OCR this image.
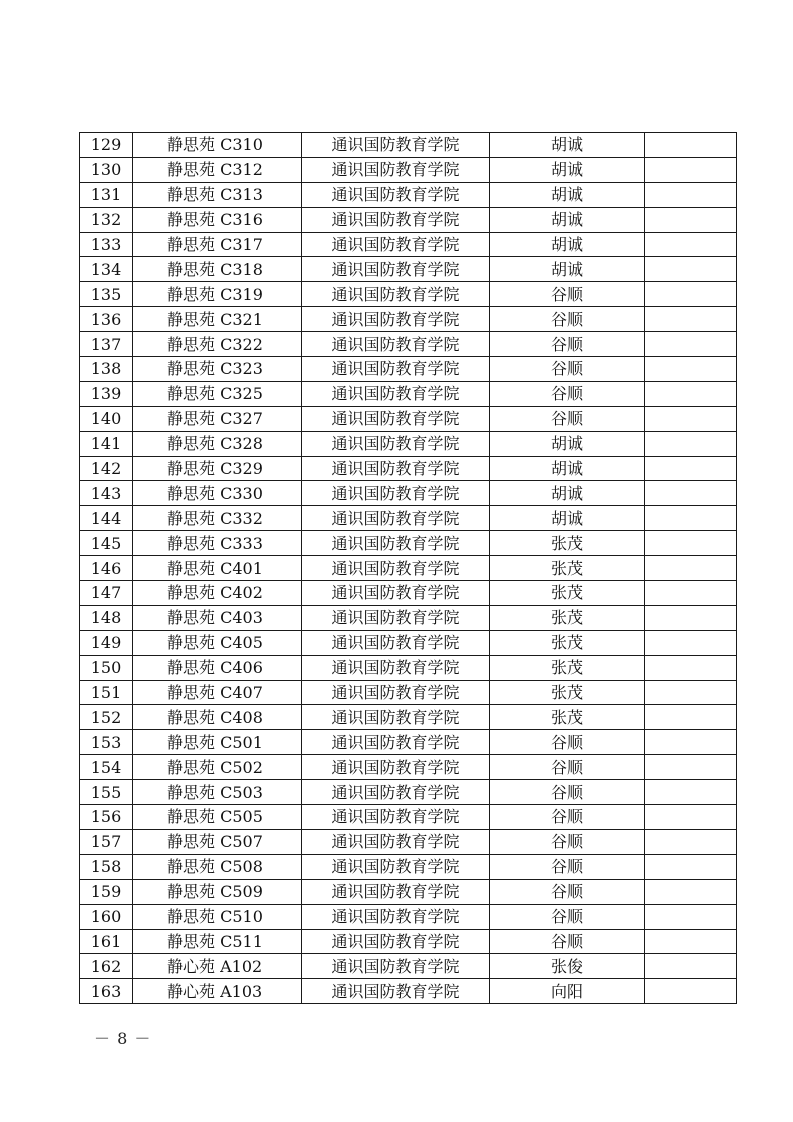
129	静思苑 C310	通识国防教育学院	胡诚	
130	静思苑 C312	通识国防教育学院	胡诚	
131	静思苑 C313	通识国防教育学院	胡诚	
132	静思苑 C316	通识国防教育学院	胡诚	
133	静思苑 C317	通识国防教育学院	胡诚	
134	静思苑 C318	通识国防教育学院	胡诚	
135	静思苑 C319	通识国防教育学院	谷顺	
136	静思苑 C321	通识国防教育学院	谷顺	
137	静思苑 C322	通识国防教育学院	谷顺	
138	静思苑 C323	通识国防教育学院	谷顺	
139	静思苑 C325	通识国防教育学院	谷顺	
140	静思苑 C327	通识国防教育学院	谷顺	
141	静思苑 C328	通识国防教育学院	胡诚	
142	静思苑 C329	通识国防教育学院	胡诚	
143	静思苑 C330	通识国防教育学院	胡诚	
144	静思苑 C332	通识国防教育学院	胡诚	
145	静思苑 C333	通识国防教育学院	张茂	
146	静思苑 C401	通识国防教育学院	张茂	
147	静思苑 C402	通识国防教育学院	张茂	
148	静思苑 C403	通识国防教育学院	张茂	
149	静思苑 C405	通识国防教育学院	张茂	
150	静思苑 C406	通识国防教育学院	张茂	
151	静思苑 C407	通识国防教育学院	张茂	
152	静思苑 C408	通识国防教育学院	张茂	
153	静思苑 C501	通识国防教育学院	谷顺	
154	静思苑 C502	通识国防教育学院	谷顺	
155	静思苑 C503	通识国防教育学院	谷顺	
156	静思苑 C505	通识国防教育学院	谷顺	
157	静思苑 C507	通识国防教育学院	谷顺	
158	静思苑 C508	通识国防教育学院	谷顺	
159	静思苑 C509	通识国防教育学院	谷顺	
160	静思苑 C510	通识国防教育学院	谷顺	
161	静思苑 C511	通识国防教育学院	谷顺	
162	静心苑 A102	通识国防教育学院	张俊	
163	静心苑 A103	通识国防教育学院	向阳	
－ 8 －
